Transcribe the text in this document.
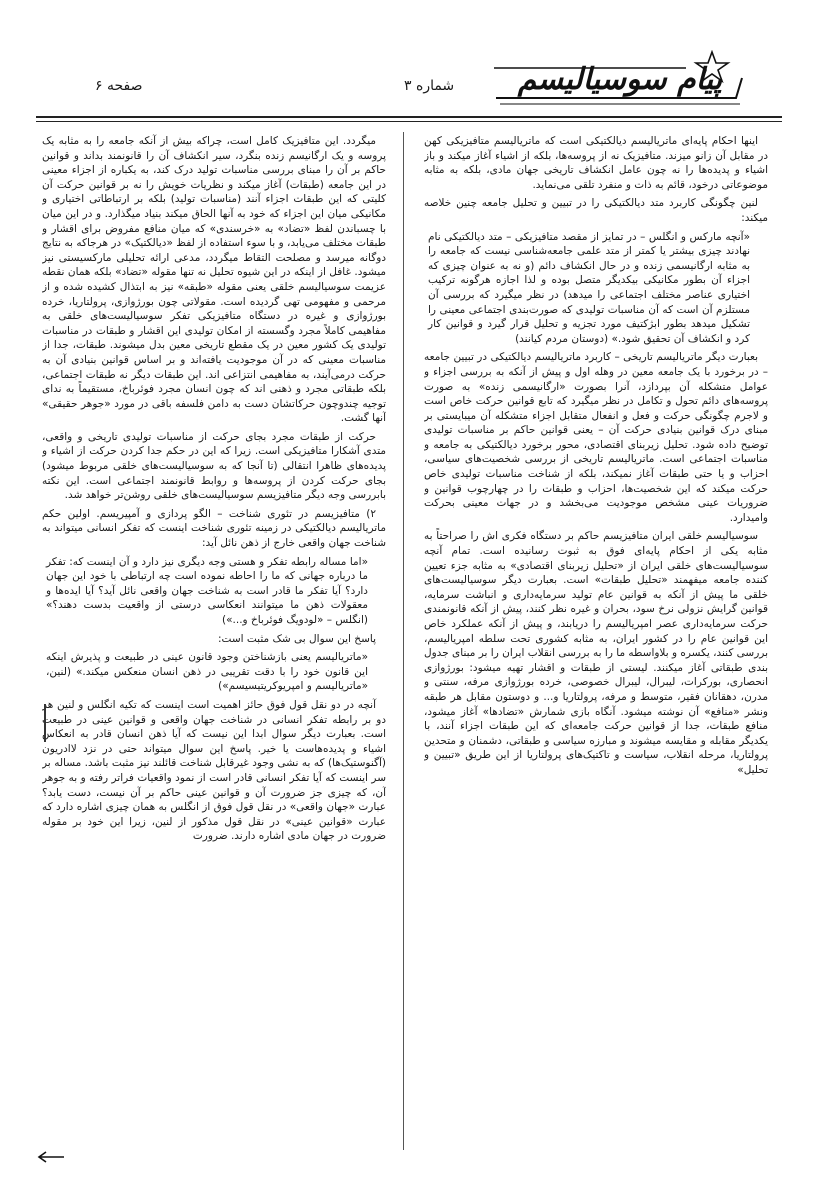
صفحه ۶	شماره ۳	پیام سوسیالیسم

اینها احکام پایه‌ای ماتریالیسم دیالکتیکی است که ماتریالیسم متافیزیکی کهن در مقابل آن زانو میزند. متافیزیک نه از پروسه‌ها، بلکه از اشیاء آغاز میکند و باز اشیاء و پدیده‌ها را نه چون عامل انکشاف تاریخی جهان مادی، بلکه به مثابه موضوعاتی درخود، قائم به ذات و منفرد تلقی می‌نماید.

لنین چگونگی کاربرد متد دیالکتیکی را در تبیین و تحلیل جامعه چنین خلاصه میکند:

«آنچه مارکس و انگلس – در تمایز از مقصد متافیزیکی – متد دیالکتیکی نام نهادند چیزی بیشتر یا کمتر از متد علمی جامعه‌شناسی نیست که جامعه را به مثابه ارگانیسمی زنده و در حال انکشاف دائم (و نه به عنوان چیزی که اجزاء آن بطور مکانیکی بیکدیگر متصل بوده و لذا اجازه هرگونه ترکیب اختیاری عناصر مختلف اجتماعی را میدهد) در نظر میگیرد که بررسی آن مستلزم آن است که آن مناسبات تولیدی که صورت‌بندی اجتماعی معینی را تشکیل میدهد بطور ابژکتیف مورد تجزیه و تحلیل قرار گیرد و قوانین کار کرد و انکشاف آن تحقیق شود.» (دوستان مردم کیانند)

بعبارت دیگر ماتریالیسم تاریخی – کاربرد ماتریالیسم دیالکتیکی در تبیین جامعه – در برخورد با یک جامعه معین در وهله اول و پیش از آنکه به بررسی اجزاء و عوامل متشکله آن بپردازد، آنرا بصورت «ارگانیسمی زنده» به صورت پروسه‌های دائم تحول و تکامل در نظر میگیرد که تابع قوانین حرکت خاص است و لاجرم چگونگی حرکت و فعل و انفعال متقابل اجزاء متشکله آن میبایستی بر مبنای درک قوانین بنیادی حرکت آن – یعنی قوانین حاکم بر مناسبات تولیدی توضیح داده شود. تحلیل زیربنای اقتصادی، محور برخورد دیالکتیکی به جامعه و مناسبات اجتماعی است. ماتریالیسم تاریخی از بررسی شخصیت‌های سیاسی، احزاب و یا حتی طبقات آغاز نمیکند، بلکه از شناخت مناسبات تولیدی خاص حرکت میکند که این شخصیت‌ها، احزاب و طبقات را در چهارچوب قوانین و ضروریات عینی مشخص موجودیت می‌بخشد و در جهات معینی بحرکت وامیدارد.

سوسیالیسم خلقی ایران متافیزیسم حاکم بر دستگاه فکری اش را صراحتاً به مثابه یکی از احکام پایه‌ای فوق به ثبوت رسانیده است. تمام آنچه سوسیالیست‌های خلقی ایران از «تحلیل زیربنای اقتصادی» به مثابه جزء تعیین کننده جامعه میفهمند «تحلیل طبقات» است. بعبارت دیگر سوسیالیست‌های خلقی ما پیش از آنکه به قوانین عام تولید سرمایه‌داری و انباشت سرمایه، قوانین گرایش نزولی نرخ سود، بحران و غیره نظر کنند، پیش از آنکه قانونمندی حرکت سرمایه‌داری عصر امپریالیسم را دریابند، و پیش از آنکه عملکرد خاص این قوانین عام را در کشور ایران، به مثابه کشوری تحت سلطه امپریالیسم، بررسی کنند، یکسره و بلاواسطه ما را به بررسی انقلاب ایران را بر مبنای جدول بندی طبقاتی آغاز میکنند. لیستی از طبقات و اقشار تهیه میشود: بورژوازی انحصاری، بورکرات، لیبرال، لیبرال خصوصی، خرده بورژوازی مرفه، سنتی و مدرن، دهقانان فقیر، متوسط و مرفه، پرولتاریا و... و دوستون مقابل هر طبقه ونشر «منافع» آن نوشته میشود. آنگاه بازی شمارش «تضادها» آغاز میشود، منافع طبقات، جدا از قوانین حرکت جامعه‌ای که این طبقات اجزاء آنند، با یکدیگر مقابله و مقایسه میشوند و مبارزه سیاسی و طبقاتی، دشمنان و متحدین پرولتاریا، مرحله انقلاب، سیاست و تاکتیک‌های پرولتاریا از این طریق «تبیین و تحلیل»

میگردد. این متافیزیک کامل است، چراکه بیش از آنکه جامعه را به مثابه یک پروسه و یک ارگانیسم زنده بنگرد، سیر انکشاف آن را قانونمند بداند و قوانین حاکم بر آن را مبنای بررسی مناسبات تولید درک کند، به یکباره از اجزاء معینی در این جامعه (طبقات) آغاز میکند و نظریات خویش را نه بر قوانین حرکت آن کلیتی که این طبقات اجزاء آنند (مناسبات تولید) بلکه بر ارتباطاتی اختیاری و مکانیکی میان این اجزاء که خود به آنها الحاق میکند بنیاد میگذارد. و در این میان با چسباندن لفظ «تضاد» به «خرسندی» که میان منافع مفروض برای اقشار و طبقات مختلف می‌یابد، و با سوء استفاده از لفظ «دیالکتیک» در هرجاکه به نتایج دوگانه میرسد و مصلحت التقاط میگردد، مدعی ارائه تحلیلی مارکسیستی نیز میشود. غافل از اینکه در این شیوه تحلیل نه تنها مقوله «تضاد» بلکه همان نقطه عزیمت سوسیالیسم خلقی یعنی مقوله «طبقه» نیز به ابتذال کشیده شده و از مرحمی و مفهومی تهی گردیده است. مقولاتی چون بورژوازی، پرولتاریا، خرده بورژوازی و غیره در دستگاه متافیزیکی تفکر سوسیالیست‌های خلقی به مفاهیمی کاملاً مجرد وگسسته از امکان تولیدی این اقشار و طبقات در مناسبات تولیدی یک کشور معین در یک مقطع تاریخی معین بدل میشوند. طبقات، جدا از مناسبات معینی که در آن موجودیت یافته‌اند و بر اساس قوانین بنیادی آن به حرکت درمی‌آیند، به مفاهیمی انتزاعی اند. این طبقات دیگر نه طبقات اجتماعی، بلکه طبقاتی مجرد و ذهنی اند که چون انسان مجرد فوئرباخ، مستقیماً به ندای توجیه چندوچون حرکاتشان دست به دامن فلسفه باقی در مورد «جوهر حقیقی» آنها گشت.

حرکت از طبقات مجرد بجای حرکت از مناسبات تولیدی تاریخی و واقعی، متدی آشکارا متافیزیکی است. زیرا که این در حکم جدا کردن حرکت از اشیاء و پدیده‌های ظاهرا انتقالی (تا آنجا که به سوسیالیست‌های خلقی مربوط میشود) بجای حرکت کردن از پروسه‌ها و روابط قانونمند اجتماعی است. این نکته بابررسی وجه دیگر متافیزیسم سوسیالیست‌های خلقی روشن‌تر خواهد شد.

۲) متافیزیسم در تئوری شناخت – الگو پردازی و آمپیریسم. اولین حکم ماتریالیسم دیالکتیکی در زمینه تئوری شناخت اینست که تفکر انسانی میتواند به شناخت جهان واقعی خارج از ذهن نائل آید:

«اما مساله رابطه تفکر و هستی وجه دیگری نیز دارد و آن اینست که: تفکر ما درباره جهانی که ما را احاطه نموده است چه ارتباطی با خود این جهان دارد؟ آیا تفکر ما قادر است به شناخت جهان واقعی نائل آید؟ آیا ایده‌ها و معقولات ذهن ما میتوانند انعکاسی درستی از واقعیت بدست دهند؟» (انگلس – «لودویگ فوئرباخ و...»)

پاسخ این سوال بی شک مثبت است:

«ماتریالیسم یعنی بازشناختن وجود قانون عینی در طبیعت و پذیرش اینکه این قانون خود را با دقت تقریبی در ذهن انسان منعکس میکند.» (لنین، «ماتریالیسم و امپریوکریتیسیسم»)

آنچه در دو نقل قول فوق حائز اهمیت است اینست که تکیه انگلس و لنین هر دو بر رابطه تفکر انسانی در شناخت جهان واقعی و قوانین عینی در طبیعت است. بعبارت دیگر سوال ابدا این نیست که آیا ذهن انسان قادر به انعکاس اشیاء و پدیده‌هاست یا خیر. پاسخ این سوال میتواند حتی در نزد لاادریون (آگنوستیک‌ها) که به نشی وجود غیرقابل شناخت قائلند نیز مثبت باشد. مساله بر سر اینست که آیا تفکر انسانی قادر است از نمود واقعیات فراتر رفته و به جوهر آن، که چیزی جز ضرورت آن و قوانین عینی حاکم بر آن نیست، دست یابد؟ عبارت «جهان واقعی» در نقل قول فوق از انگلس به همان چیزی اشاره دارد که عبارت «قوانین عینی» در نقل قول مذکور از لنین، زیرا این خود بر مقوله ضرورت در جهان مادی اشاره دارند. ضرورت
